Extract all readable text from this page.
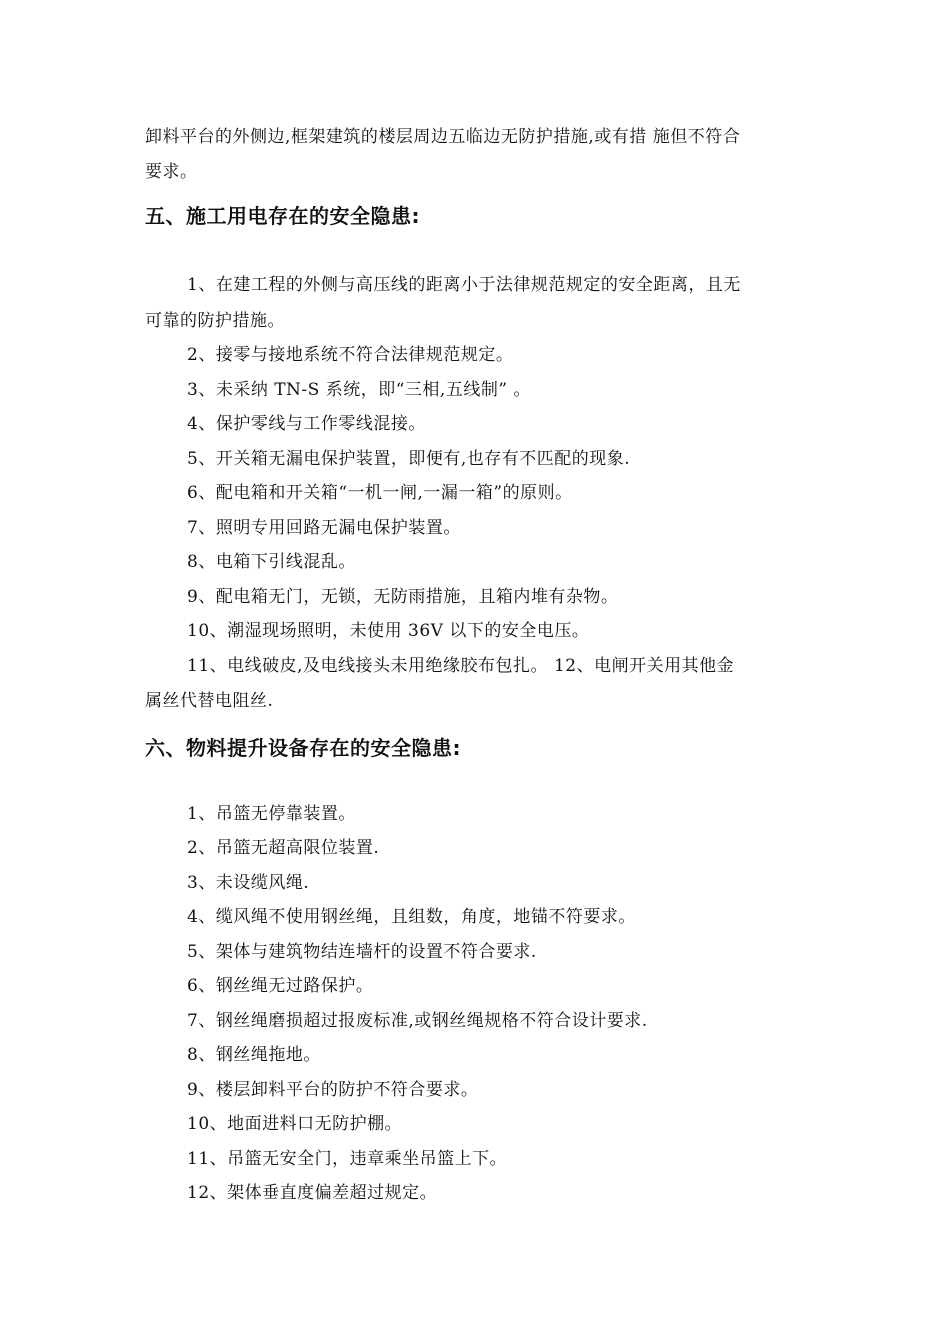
卸料平台的外侧边,框架建筑的楼层周边五临边无防护措施,或有措 施但不符合
要求。
五、施工用电存在的安全隐患:
1、在建工程的外侧与高压线的距离小于法律规范规定的安全距离，且无
可靠的防护措施。
2、接零与接地系统不符合法律规范规定。
3、未采纳 TN-S 系统，即“三相,五线制” 。
4、保护零线与工作零线混接。
5、开关箱无漏电保护装置，即便有,也存有不匹配的现象.
6、配电箱和开关箱“一机一闸,一漏一箱”的原则。
7、照明专用回路无漏电保护装置。
8、电箱下引线混乱。
9、配电箱无门，无锁，无防雨措施，且箱内堆有杂物。
10、潮湿现场照明，未使用 36V 以下的安全电压。
11、电线破皮,及电线接头未用绝缘胶布包扎。 12、电闸开关用其他金
属丝代替电阻丝.
六、物料提升设备存在的安全隐患:
1、吊篮无停靠装置。
2、吊篮无超高限位装置.
3、未设缆风绳.
4、缆风绳不使用钢丝绳，且组数，角度，地锚不符要求。
5、架体与建筑物结连墙杆的设置不符合要求.
6、钢丝绳无过路保护。
7、钢丝绳磨损超过报废标准,或钢丝绳规格不符合设计要求.
8、钢丝绳拖地。
9、楼层卸料平台的防护不符合要求。
10、地面进料口无防护棚。
11、吊篮无安全门，违章乘坐吊篮上下。
12、架体垂直度偏差超过规定。
